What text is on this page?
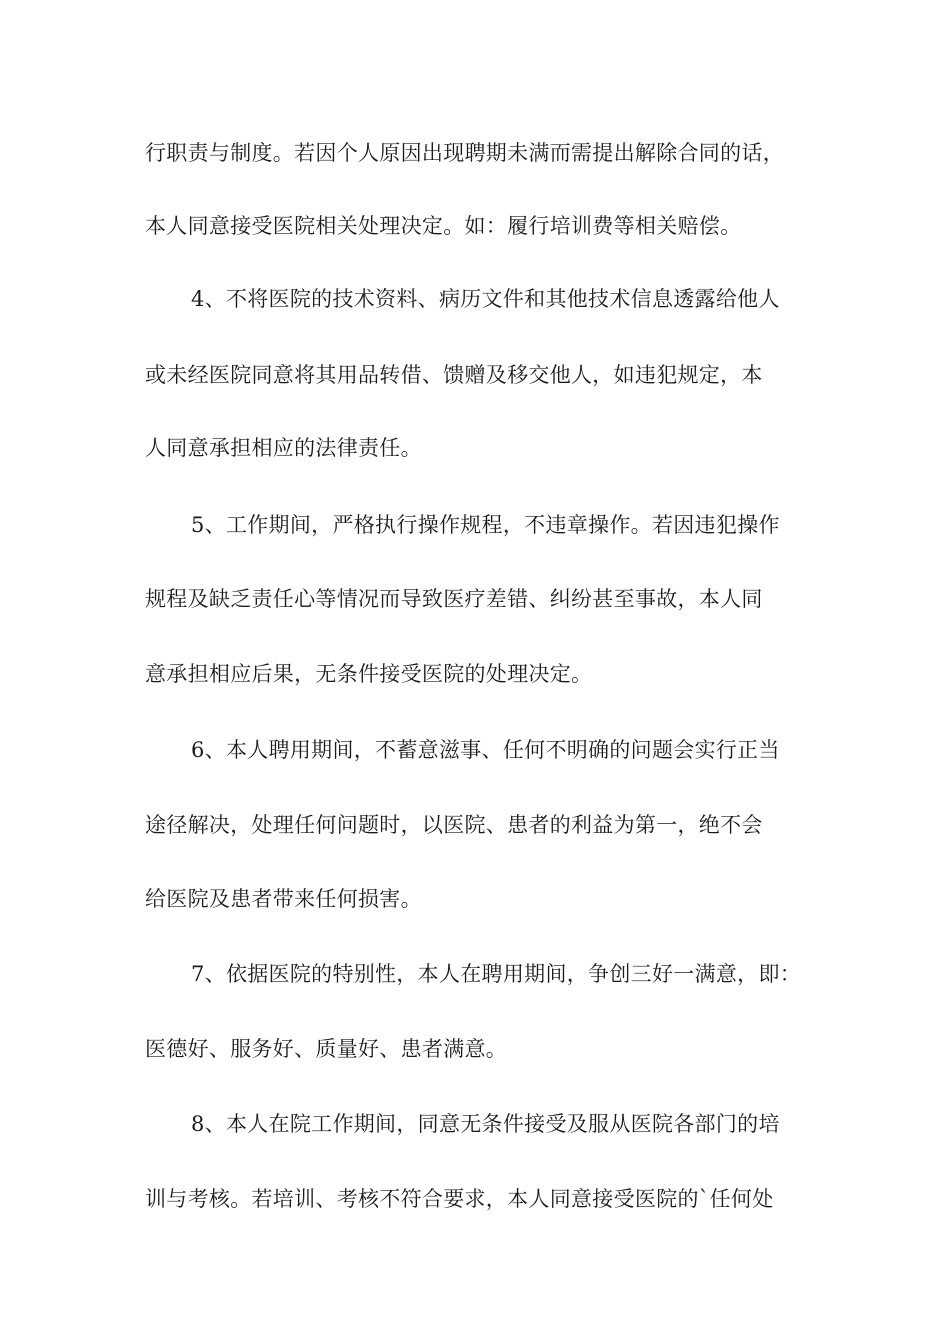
行职责与制度。若因个人原因出现聘期未满而需提出解除合同的话，
本人同意接受医院相关处理决定。如：履行培训费等相关赔偿。
4、不将医院的技术资料、病历文件和其他技术信息透露给他人
或未经医院同意将其用品转借、馈赠及移交他人，如违犯规定，本
人同意承担相应的法律责任。
5、工作期间，严格执行操作规程，不违章操作。若因违犯操作
规程及缺乏责任心等情况而导致医疗差错、纠纷甚至事故，本人同
意承担相应后果，无条件接受医院的处理决定。
6、本人聘用期间，不蓄意滋事、任何不明确的问题会实行正当
途径解决，处理任何问题时，以医院、患者的利益为第一，绝不会
给医院及患者带来任何损害。
7、依据医院的特别性，本人在聘用期间，争创三好一满意，即：
医德好、服务好、质量好、患者满意。
8、本人在院工作期间，同意无条件接受及服从医院各部门的培
训与考核。若培训、考核不符合要求，本人同意接受医院的`任何处
